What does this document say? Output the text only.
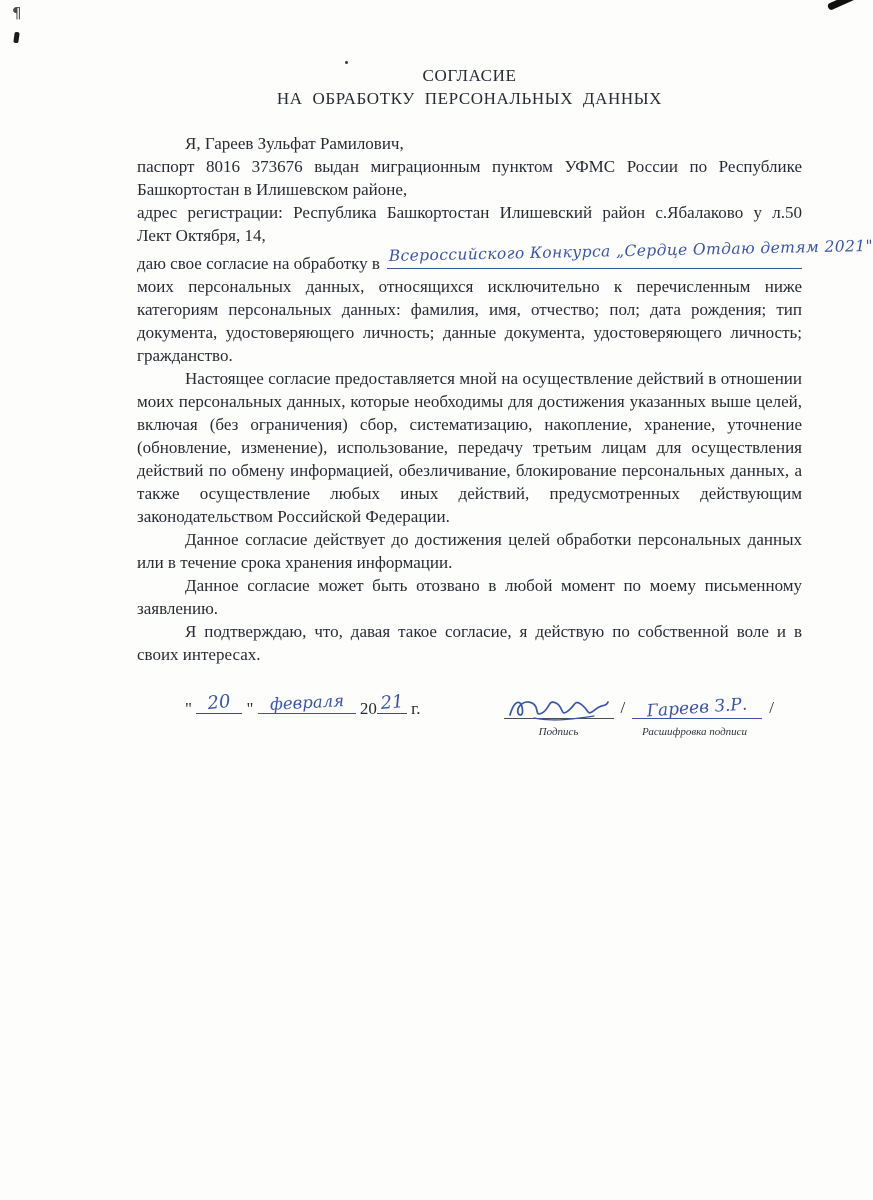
¶
СОГЛАСИЕ
НА ОБРАБОТКУ ПЕРСОНАЛЬНЫХ ДАННЫХ
Я, Гареев Зульфат Рамилович,
паспорт 8016 373676 выдан миграционным пунктом УФМС России по Республике
Башкортостан в Илишевском районе,
адрес регистрации: Республика Башкортостан Илишевский район с.Ябалаково у л.50
Лект Октября, 14,
даю свое согласие на обработку в Всероссийского Конкурса „Сердце Отдаю детям 2021"
моих персональных данных, относящихся исключительно к перечисленным ниже категориям персональных данных: фамилия, имя, отчество; пол; дата рождения; тип документа, удостоверяющего личность; данные документа, удостоверяющего личность; гражданство.

Настоящее согласие предоставляется мной на осуществление действий в отношении моих персональных данных, которые необходимы для достижения указанных выше целей, включая (без ограничения) сбор, систематизацию, накопление, хранение, уточнение (обновление, изменение), использование, передачу третьим лицам для осуществления действий по обмену информацией, обезличивание, блокирование персональных данных, а также осуществление любых иных действий, предусмотренных действующим законодательством Российской Федерации.

Данное согласие действует до достижения целей обработки персональных данных или в течение срока хранения информации.

Данное согласие может быть отозвано в любой момент по моему письменному заявлению.

Я подтверждаю, что, давая такое согласие, я действую по собственной воле и в своих интересах.

" 20 " февраля 20 21 г.	/ Гареев З.Р. /
Подпись	Расшифровка подписи
